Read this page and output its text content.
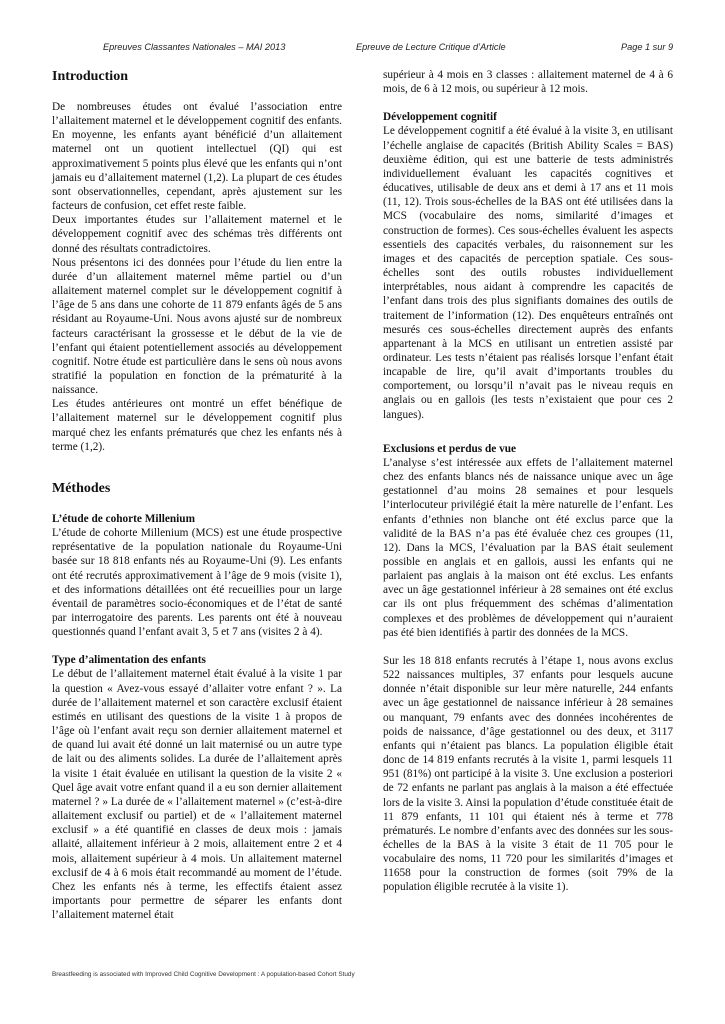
Epreuves Classantes Nationales – MAI 2013	Epreuve de Lecture Critique d’Article	Page 1 sur 9
Introduction

De nombreuses études ont évalué l’association entre l’allaitement maternel et le développement cognitif des enfants. En moyenne, les enfants ayant bénéficié d’un allaitement maternel ont un quotient intellectuel (QI) qui est approximativement 5 points plus élevé que les enfants qui n’ont jamais eu d’allaitement maternel (1,2). La plupart de ces études sont observationnelles, cependant, après ajustement sur les facteurs de confusion, cet effet reste faible.

Deux importantes études sur l’allaitement maternel et le développement cognitif avec des schémas très différents ont donné des résultats contradictoires.

Nous présentons ici des données pour l’étude du lien entre la durée d’un allaitement maternel même partiel ou d’un allaitement maternel complet sur le développement cognitif à l’âge de 5 ans dans une cohorte de 11 879 enfants âgés de 5 ans résidant au Royaume-Uni. Nous avons ajusté sur de nombreux facteurs caractérisant la grossesse et le début de la vie de l’enfant qui étaient potentiellement associés au développement cognitif. Notre étude est particulière dans le sens où nous avons stratifié la population en fonction de la prématurité à la naissance.

Les études antérieures ont montré un effet bénéfique de l’allaitement maternel sur le développement cognitif plus marqué chez les enfants prématurés que chez les enfants nés à terme (1,2).

Méthodes
L’étude de cohorte Millenium

L’étude de cohorte Millenium (MCS) est une étude prospective représentative de la population nationale du Royaume-Uni basée sur 18 818 enfants nés au Royaume-Uni (9). Les enfants ont été recrutés approximativement à l’âge de 9 mois (visite 1), et des informations détaillées ont été recueillies pour un large éventail de paramètres socio-économiques et de l’état de santé par interrogatoire des parents. Les parents ont été à nouveau questionnés quand l’enfant avait 3, 5 et 7 ans (visites 2 à 4).

Type d’alimentation des enfants

Le début de l’allaitement maternel était évalué à la visite 1 par la question « Avez-vous essayé d’allaiter votre enfant ? ». La durée de l’allaitement maternel et son caractère exclusif étaient estimés en utilisant des questions de la visite 1 à propos de l’âge où l’enfant avait reçu son dernier allaitement maternel et de quand lui avait été donné un lait maternisé ou un autre type de lait ou des aliments solides. La durée de l’allaitement après la visite 1 était évaluée en utilisant la question de la visite 2 « Quel âge avait votre enfant quand il a eu son dernier allaitement maternel ? » La durée de « l’allaitement maternel » (c’est-à-dire allaitement exclusif ou partiel) et de « l’allaitement maternel exclusif » a été quantifié en classes de deux mois : jamais allaité, allaitement inférieur à 2 mois, allaitement entre 2 et 4 mois, allaitement supérieur à 4 mois. Un allaitement maternel exclusif de 4 à 6 mois était recommandé au moment de l’étude. Chez les enfants nés à terme, les effectifs étaient assez importants pour permettre de séparer les enfants dont l’allaitement maternel était

supérieur à 4 mois en 3 classes : allaitement maternel de 4 à 6 mois, de 6 à 12 mois, ou supérieur à 12 mois.

Développement cognitif

Le développement cognitif a été évalué à la visite 3, en utilisant l’échelle anglaise de capacités (British Ability Scales = BAS) deuxième édition, qui est une batterie de tests administrés individuellement évaluant les capacités cognitives et éducatives, utilisable de deux ans et demi à 17 ans et 11 mois (11, 12). Trois sous-échelles de la BAS ont été utilisées dans la MCS (vocabulaire des noms, similarité d’images et construction de formes). Ces sous-échelles évaluent les aspects essentiels des capacités verbales, du raisonnement sur les images et des capacités de perception spatiale. Ces sous-échelles sont des outils robustes individuellement interprétables, nous aidant à comprendre les capacités de l’enfant dans trois des plus signifiants domaines des outils de traitement de l’information (12). Des enquêteurs entraînés ont mesurés ces sous-échelles directement auprès des enfants appartenant à la MCS en utilisant un entretien assisté par ordinateur. Les tests n’étaient pas réalisés lorsque l’enfant était incapable de lire, qu’il avait d’importants troubles du comportement, ou lorsqu’il n’avait pas le niveau requis en anglais ou en gallois (les tests n’existaient que pour ces 2 langues).

Exclusions et perdus de vue

L’analyse s’est intéressée aux effets de l’allaitement maternel chez des enfants blancs nés de naissance unique avec un âge gestationnel d’au moins 28 semaines et pour lesquels l’interlocuteur privilégié était la mère naturelle de l’enfant. Les enfants d’ethnies non blanche ont été exclus parce que la validité de la BAS n’a pas été évaluée chez ces groupes (11, 12). Dans la MCS, l’évaluation par la BAS était seulement possible en anglais et en gallois, aussi les enfants qui ne parlaient pas anglais à la maison ont été exclus. Les enfants avec un âge gestationnel inférieur à 28 semaines ont été exclus car ils ont plus fréquemment des schémas d’alimentation complexes et des problèmes de développement qui n’auraient pas été bien identifiés à partir des données de la MCS.

Sur les 18 818 enfants recrutés à l’étape 1, nous avons exclus 522 naissances multiples, 37 enfants pour lesquels aucune donnée n’était disponible sur leur mère naturelle, 244 enfants avec un âge gestationnel de naissance inférieur à 28 semaines ou manquant, 79 enfants avec des données incohérentes de poids de naissance, d’âge gestationnel ou des deux, et 3117 enfants qui n’étaient pas blancs. La population éligible était donc de 14 819 enfants recrutés à la visite 1, parmi lesquels 11 951 (81%) ont participé à la visite 3. Une exclusion a posteriori de 72 enfants ne parlant pas anglais à la maison a été effectuée lors de la visite 3. Ainsi la population d’étude constituée était de 11 879 enfants, 11 101 qui étaient nés à terme et 778 prématurés. Le nombre d’enfants avec des données sur les sous-échelles de la BAS à la visite 3 était de 11 705 pour le vocabulaire des noms, 11 720 pour les similarités d’images et 11658 pour la construction de formes (soit 79% de la population éligible recrutée à la visite 1).

Breastfeeding is associated with Improved Child Cognitive Development : A population-based Cohort Study
